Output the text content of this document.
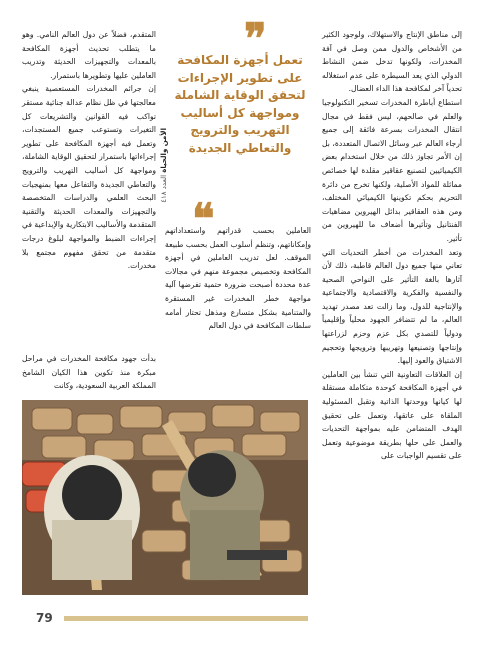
إلى مناطق الإنتاج والاستهلاك، ولوجود الكثير من الأشخاص والدول ممن وصل في آفة المخدرات، ولكونها تدخل ضمن النشاط الدولي الذي يعد السيطرة على عدم استغلاله تحدياً آخر لمكافحة هذا الداء العضال.

استطاع أباطرة المخدرات تسخير التكنولوجيا والعلم في صالحهم، ليس فقط في مجال انتقال المخدرات بسرعة فائقة إلى جميع أرجاء العالم عبر وسائل الاتصال المتعددة، بل إن الأمر تجاوز ذلك من خلال استخدام بعض الكيميائيين لتصنيع عقاقير مقلدة لها خصائص مماثلة للمواد الأصلية، ولكنها تخرج من دائرة التحريم بحكم تكوينها الكيميائي المختلف، ومن هذه العقاقير بدائل الهيروين مضاهيات الفنتانيل وتأثيرها أضعاف ما للهيروين من تأثير.

وتعد المخدرات من أخطر التحديات التي تعاني منها جميع دول العالم قاطبة، ذلك لأن آثارها بالغة التأثير على النواحي الصحية والنفسية والفكرية والاقتصادية والاجتماعية والإنتاجية للدول، وما زالت تعد مصدر تهديد العالم، ما لم تتضافر الجهود محلياً وإقليمياً ودولياً للتصدي بكل عزم وحزم لزراعتها وإنتاجها وتصنيعها وتهريبها وترويجها وتحجيم الاشتياق والعود إليها.

إن العلاقات التعاونية التي تنشأ بين العاملين في أجهزة المكافحة كوحدة متكاملة مستقلة لها كيانها ووحدتها الذاتية وتقبل المسئولية الملقاة على عاتقها، وتعمل على تحقيق الهدف المتضامن عليه بمواجهة التحديات والعمل على حلها بطريقة موضوعية وتعمل على تقسيم الواجبات على

❞
تعمل أجهزة المكافحة على تطوير الإجراءات لتحقق الوقاية الشاملة ومواجهة كل أساليب التهريب والترويج والتعاطي الجديدة
❝
الأمن والحياة العدد ٤١٨

العاملين بحسب قدراتهم واستعداداتهم وإمكاناتهم، وتنظم أسلوب العمل بحسب طبيعة الموقف. لعل تدريب العاملين في أجهزة المكافحة وتخصيص مجموعة منهم في مجالات عدة محددة أصبحت ضرورة حتمية تفرضها آلية مواجهة خطر المخدرات غير المستقرة والمتنامية بشكل متسارع ومذهل تحتار أمامه سلطات المكافحة في دول العالم

المتقدم، فضلاً عن دول العالم النامي. وهو ما يتطلب تحديث أجهزة المكافحة بالمعدات والتجهيزات الحديثة وتدريب العاملين عليها وتطويرها باستمرار.

إن جرائم المخدرات المستعصية ينبغي معالجتها في ظل نظام عدالة جنائية مستقر تواكب فيه القوانين والتشريعات كل التغيرات وتستوعب جميع المستجدات، وتعمل فيه أجهزة المكافحة على تطوير إجراءاتها باستمرار لتحقيق الوقاية الشاملة، ومواجهة كل أساليب التهريب والترويج والتعاطي الجديدة والتفاعل معها بمنهجيات البحث العلمي والدراسات المتخصصة والتجهيزات والمعدات الحديثة والتقنية المتقدمة والأساليب الابتكارية والإبداعية في إجراءات الضبط والمواجهة لبلوغ درجات متقدمة من تحقق مفهوم مجتمع بلا مخدرات.

بدأت جهود مكافحة المخدرات في مراحل مبكرة منذ تكوين هذا الكيان الشامخ المملكة العربية السعودية، وكانت

79
